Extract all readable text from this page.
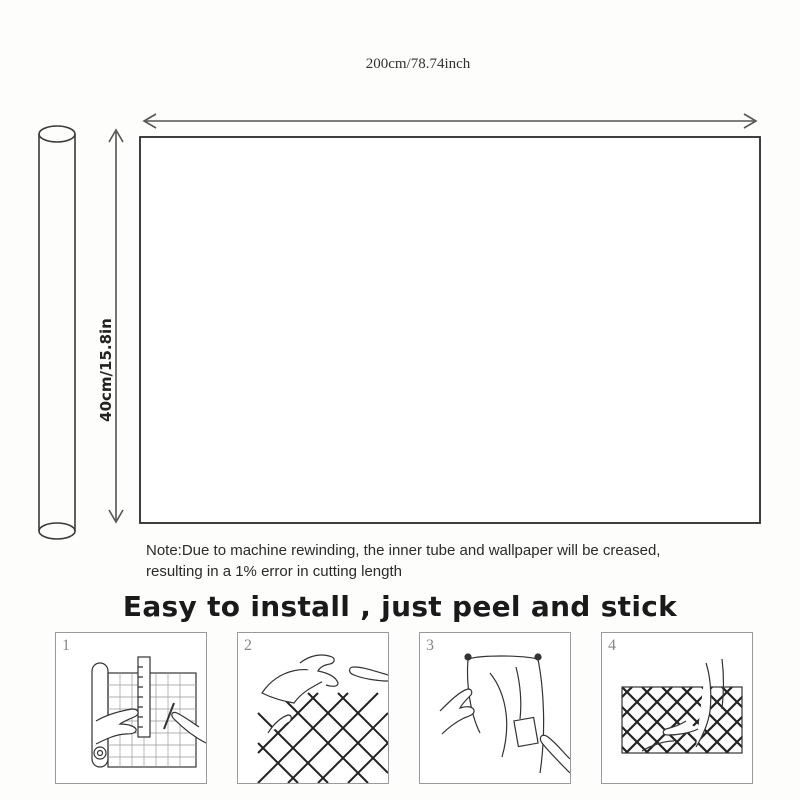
200cm/78.74inch
40cm/15.8in
Note:Due to machine rewinding, the inner tube and wallpaper will be creased,
resulting in a 1% error in cutting length
Easy to install , just peel and stick
1	2	3	4
